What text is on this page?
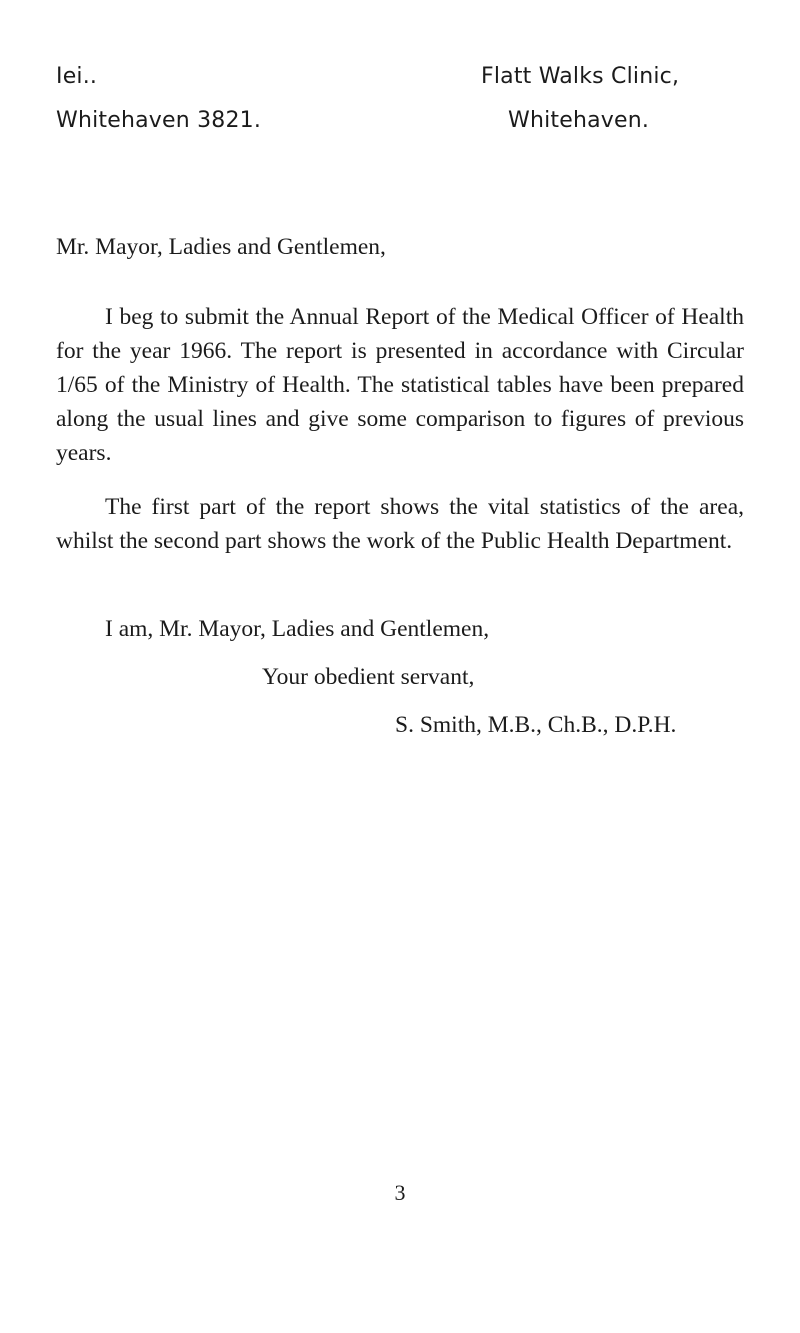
Iei..	Flatt Walks Clinic,
Whitehaven 3821.	Whitehaven.
Mr. Mayor, Ladies and Gentlemen,

I beg to submit the Annual Report of the Medical Officer of Health for the year 1966. The report is presented in accordance with Circular 1/65 of the Ministry of Health. The statistical tables have been prepared along the usual lines and give some comparison to figures of previous years.

The first part of the report shows the vital statistics of the area, whilst the second part shows the work of the Public Health Department.

I am, Mr. Mayor, Ladies and Gentlemen,
Your obedient servant,
S. Smith, M.B., Ch.B., D.P.H.
3
